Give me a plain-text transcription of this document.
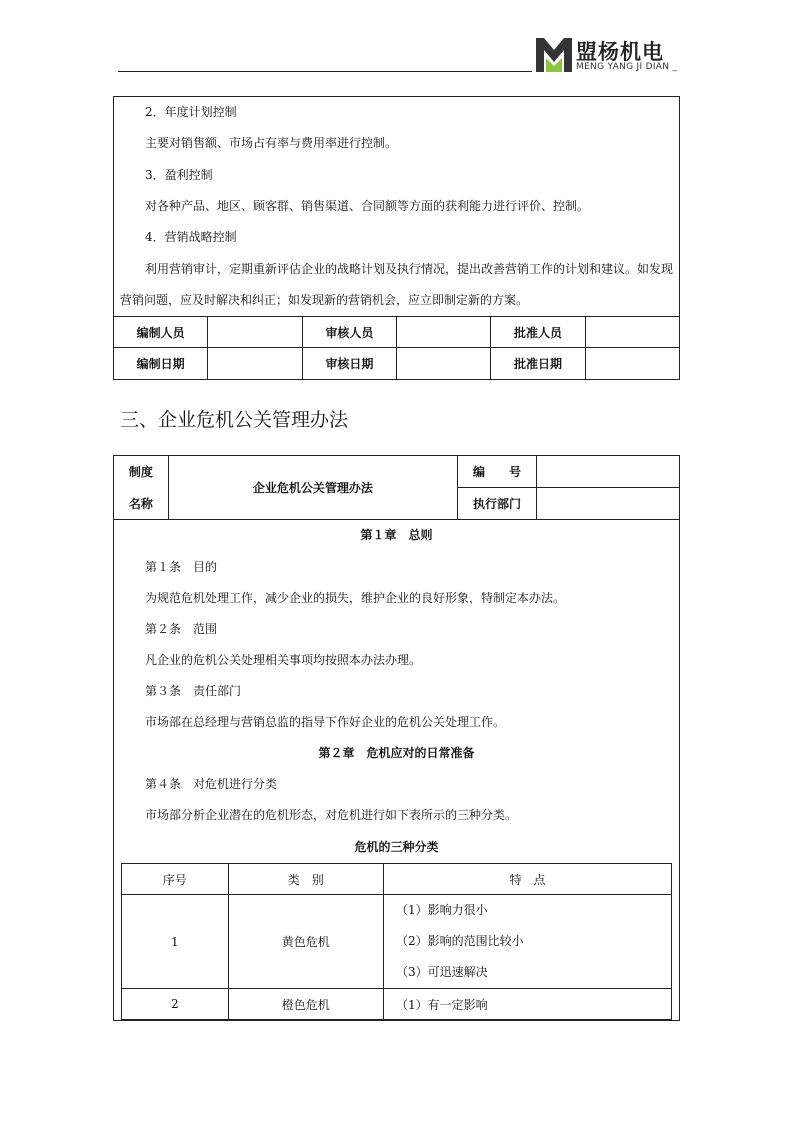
盟杨机电
MENG YANG JI DIAN _
2．年度计划控制
主要对销售额、市场占有率与费用率进行控制。
3．盈利控制
对各种产品、地区、顾客群、销售渠道、合同额等方面的获利能力进行评价、控制。
4．营销战略控制
利用营销审计，定期重新评估企业的战略计划及执行情况，提出改善营销工作的计划和建议。如发现
营销问题，应及时解决和纠正；如发现新的营销机会，应立即制定新的方案。
编制人员		审核人员		批准人员	
编制日期		审核日期		批准日期	
三、企业危机公关管理办法
制度	企业危机公关管理办法	编　　号	
名称		执行部门	
第１章　总则
第１条　目的
为规范危机处理工作，减少企业的损失，维护企业的良好形象，特制定本办法。
第２条　范围
凡企业的危机公关处理相关事项均按照本办法办理。
第３条　责任部门
市场部在总经理与营销总监的指导下作好企业的危机公关处理工作。
第２章　危机应对的日常准备
第４条　对危机进行分类
市场部分析企业潜在的危机形态，对危机进行如下表所示的三种分类。
危机的三种分类
序号	类　别	特　点
1	黄色危机	（1）影响力很小
（2）影响的范围比较小
（3）可迅速解决

2	橙色危机	（1）有一定影响
